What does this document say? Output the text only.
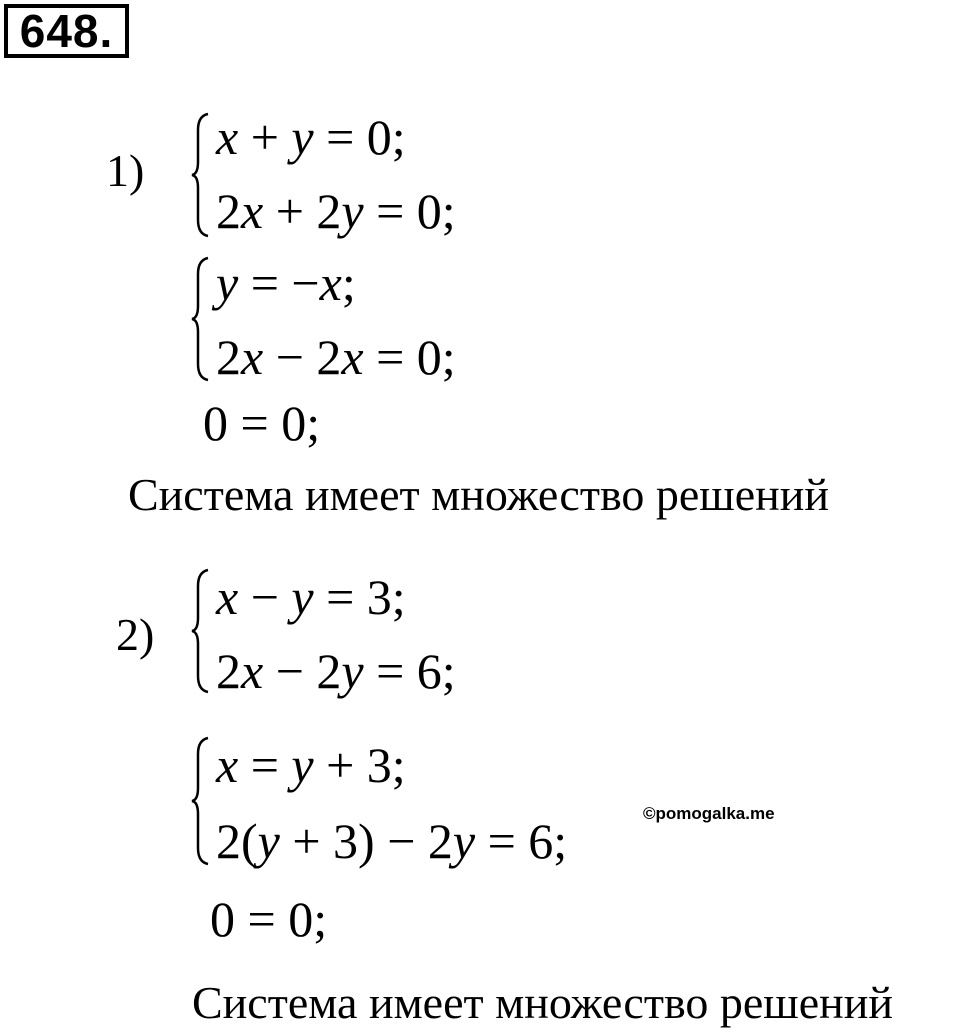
648.
1)
x + y = 0;
2x + 2y = 0;
y = −x;
2x − 2x = 0;
0 = 0;
Система имеет множество решений
2)
x − y = 3;
2x − 2y = 6;
x = y + 3;
2(y + 3) − 2y = 6;
0 = 0;
Система имеет множество решений
©pomogalka.me
